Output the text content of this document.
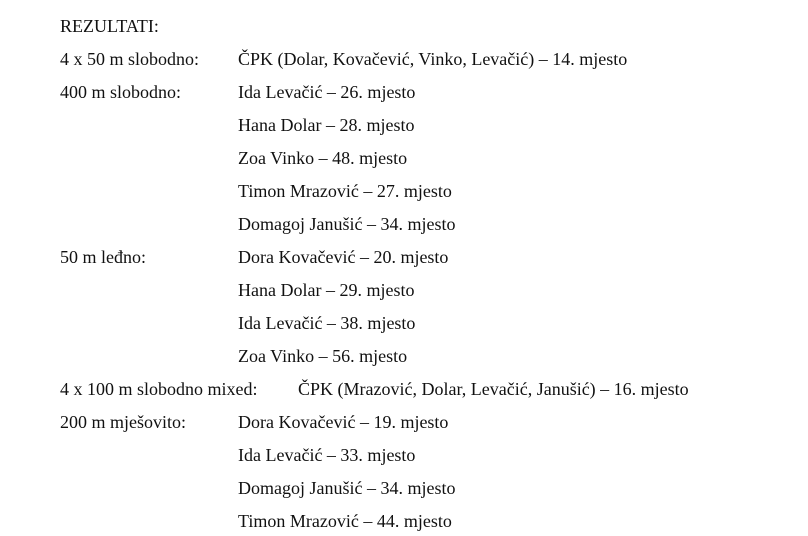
REZULTATI:
4 x 50 m slobodno: ČPK (Dolar, Kovačević, Vinko, Levačić) – 14. mjesto
400 m slobodno:	Ida Levačić – 26. mjesto
Hana Dolar – 28. mjesto
Zoa Vinko – 48. mjesto
Timon Mrazović – 27. mjesto
Domagoj Janušić – 34. mjesto
50 m leđno:	Dora Kovačević – 20. mjesto
Hana Dolar – 29. mjesto
Ida Levačić – 38. mjesto
Zoa Vinko – 56. mjesto
4 x 100 m slobodno mixed: ČPK (Mrazović, Dolar, Levačić, Janušić) – 16. mjesto
200 m mješovito:	Dora Kovačević – 19. mjesto
Ida Levačić – 33. mjesto
Domagoj Janušić – 34. mjesto
Timon Mrazović – 44. mjesto
